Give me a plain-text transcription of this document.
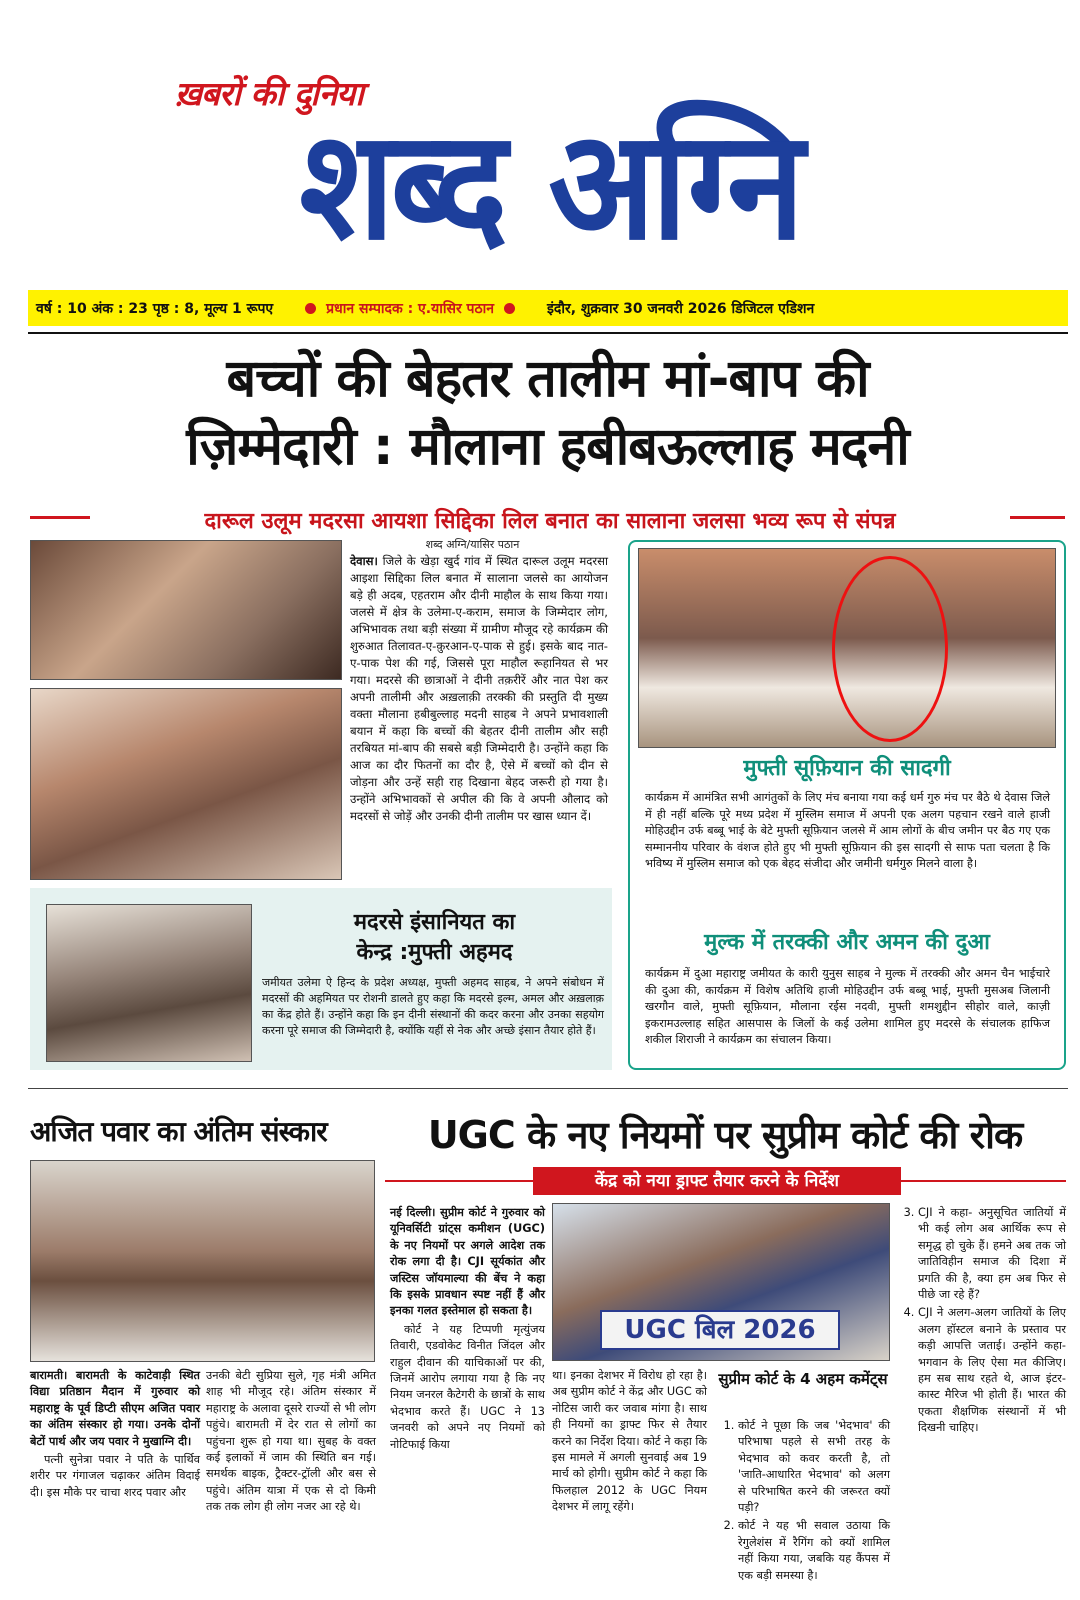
ख़बरों की दुनिया
शब्द अग्नि
वर्ष : 10 अंक : 23 पृष्ठ : 8, मूल्य 1 रूपए	प्रधान सम्पादक : ए.यासिर पठान	इंदौर, शुक्रवार 30 जनवरी 2026 डिजिटल एडिशन
बच्चों की बेहतर तालीम मां-बाप की
ज़िम्मेदारी : मौलाना हबीबऊल्लाह मदनी
दारूल उलूम मदरसा आयशा सिद्दिका लिल बनात का सालाना जलसा भव्य रूप से संपन्न
शब्द अग्नि/यासिर पठान
देवास। जिले के खेड़ा खुर्द गांव में स्थित दारूल उलूम मदरसा आइशा सिद्दिका लिल बनात में सालाना जलसे का आयोजन बड़े ही अदब, एहतराम और दीनी माहौल के साथ किया गया। जलसे में क्षेत्र के उलेमा-ए-कराम, समाज के जिम्मेदार लोग, अभिभावक तथा बड़ी संख्या में ग्रामीण मौजूद रहे कार्यक्रम की शुरुआत तिलावत-ए-क़ुरआन-ए-पाक से हुई। इसके बाद नात-ए-पाक पेश की गई, जिससे पूरा माहौल रूहानियत से भर गया। मदरसे की छात्राओं ने दीनी तक़रीरें और नात पेश कर अपनी तालीमी और अख़लाक़ी तरक्की की प्रस्तुति दी मुख्य वक्ता मौलाना हबीबुल्लाह मदनी साहब ने अपने प्रभावशाली बयान में कहा कि बच्चों की बेहतर दीनी तालीम और सही तरबियत मां-बाप की सबसे बड़ी जिम्मेदारी है। उन्होंने कहा कि आज का दौर फितनों का दौर है, ऐसे में बच्चों को दीन से जोड़ना और उन्हें सही राह दिखाना बेहद जरूरी हो गया है। उन्होंने अभिभावकों से अपील की कि वे अपनी औलाद को मदरसों से जोड़ें और उनकी दीनी तालीम पर खास ध्यान दें।
मुफ्ती सूफ़ियान की सादगी
कार्यक्रम में आमंत्रित सभी आगंतुकों के लिए मंच बनाया गया कई धर्म गुरु मंच पर बैठे थे देवास जिले में ही नहीं बल्कि पूरे मध्य प्रदेश में मुस्लिम समाज में अपनी एक अलग पहचान रखने वाले हाजी मोहिउद्दीन उर्फ बब्बू भाई के बेटे मुफ्ती सूफ़ियान जलसे में आम लोगों के बीच जमीन पर बैठ गए एक सम्माननीय परिवार के वंशज होते हुए भी मुफ्ती सूफ़ियान की इस सादगी से साफ पता चलता है कि भविष्य में मुस्लिम समाज को एक बेहद संजीदा और जमीनी धर्मगुरु मिलने वाला है।
मुल्क में तरक्की और अमन की दुआ
कार्यक्रम में दुआ महाराष्ट्र जमीयत के कारी युनुस साहब ने मुल्क में तरक्की और अमन चैन भाईचारे की दुआ की, कार्यक्रम में विशेष अतिथि हाजी मोहिउद्दीन उर्फ बब्बू भाई, मुफ्ती मुसअब जिलानी खरगौन वाले, मुफ्ती सूफ़ियान, मौलाना रईस नदवी, मुफ्ती शमशुद्दीन सीहोर वाले, काज़ी इकरामउल्लाह सहित आसपास के जिलों के कई उलेमा शामिल हुए मदरसे के संचालक हाफिज शकील शिराजी ने कार्यक्रम का संचालन किया।
मदरसे इंसानियत का
केन्द्र :मुफ्ती अहमद
जमीयत उलेमा ऐ हिन्द के प्रदेश अध्यक्ष, मुफ्ती अहमद साहब, ने अपने संबोधन में मदरसों की अहमियत पर रोशनी डालते हुए कहा कि मदरसे इल्म, अमल और अख़लाक़ का केंद्र होते हैं। उन्होंने कहा कि इन दीनी संस्थानों की कदर करना और उनका सहयोग करना पूरे समाज की जिम्मेदारी है, क्योंकि यहीं से नेक और अच्छे इंसान तैयार होते हैं।
अजित पवार का अंतिम संस्कार
बारामती। बारामती के काटेवाड़ी स्थित विद्या प्रतिष्ठान मैदान में गुरुवार को महाराष्ट्र के पूर्व डिप्टी सीएम अजित पवार का अंतिम संस्कार हो गया। उनके दोनों बेटों पार्थ और जय पवार ने मुखाग्नि दी।
पत्नी सुनेत्रा पवार ने पति के पार्थिव शरीर पर गंगाजल चढ़ाकर अंतिम विदाई दी। इस मौके पर चाचा शरद पवार और
उनकी बेटी सुप्रिया सुले, गृह मंत्री अमित शाह भी मौजूद रहे। अंतिम संस्कार में महाराष्ट्र के अलावा दूसरे राज्यों से भी लोग पहुंचे। बारामती में देर रात से लोगों का पहुंचना शुरू हो गया था। सुबह के वक्त कई इलाकों में जाम की स्थिति बन गई। समर्थक बाइक, ट्रैक्टर-ट्रॉली और बस से पहुंचे। अंतिम यात्रा में एक से दो किमी तक तक लोग ही लोग नजर आ रहे थे।
UGC के नए नियमों पर सुप्रीम कोर्ट की रोक
केंद्र को नया ड्राफ्ट तैयार करने के निर्देश
नई दिल्ली। सुप्रीम कोर्ट ने गुरुवार को यूनिवर्सिटी ग्रांट्स कमीशन (UGC) के नए नियमों पर अगले आदेश तक रोक लगा दी है। CJI सूर्यकांत और जस्टिस जॉयमाल्या की बेंच ने कहा कि इसके प्रावधान स्पष्ट नहीं हैं और इनका गलत इस्तेमाल हो सकता है।
कोर्ट ने यह टिप्पणी मृत्युंजय तिवारी, एडवोकेट विनीत जिंदल और राहुल दीवान की याचिकाओं पर की, जिनमें आरोप लगाया गया है कि नए नियम जनरल कैटेगरी के छात्रों के साथ भेदभाव करते हैं। UGC ने 13 जनवरी को अपने नए नियमों को नोटिफाई किया
UGC बिल 2026
था। इनका देशभर में विरोध हो रहा है। अब सुप्रीम कोर्ट ने केंद्र और UGC को नोटिस जारी कर जवाब मांगा है। साथ ही नियमों का ड्राफ्ट फिर से तैयार करने का निर्देश दिया। कोर्ट ने कहा कि इस मामले में अगली सुनवाई अब 19 मार्च को होगी। सुप्रीम कोर्ट ने कहा कि फिलहाल 2012 के UGC नियम देशभर में लागू रहेंगे।
सुप्रीम कोर्ट के 4 अहम कमेंट्स
1. कोर्ट ने पूछा कि जब 'भेदभाव' की परिभाषा पहले से सभी तरह के भेदभाव को कवर करती है, तो 'जाति-आधारित भेदभाव' को अलग से परिभाषित करने की जरूरत क्यों पड़ी?
2. कोर्ट ने यह भी सवाल उठाया कि रेगुलेशंस में रैगिंग को क्यों शामिल नहीं किया गया, जबकि यह कैंपस में एक बड़ी समस्या है।
3. CJI ने कहा- अनुसूचित जातियों में भी कई लोग अब आर्थिक रूप से समृद्ध हो चुके हैं। हमने अब तक जो जातिविहीन समाज की दिशा में प्रगति की है, क्या हम अब फिर से पीछे जा रहे हैं?
4. CJI ने अलग-अलग जातियों के लिए अलग हॉस्टल बनाने के प्रस्ताव पर कड़ी आपत्ति जताई। उन्होंने कहा- भगवान के लिए ऐसा मत कीजिए। हम सब साथ रहते थे, आज इंटर-कास्ट मैरिज भी होती हैं। भारत की एकता शैक्षणिक संस्थानों में भी दिखनी चाहिए।
